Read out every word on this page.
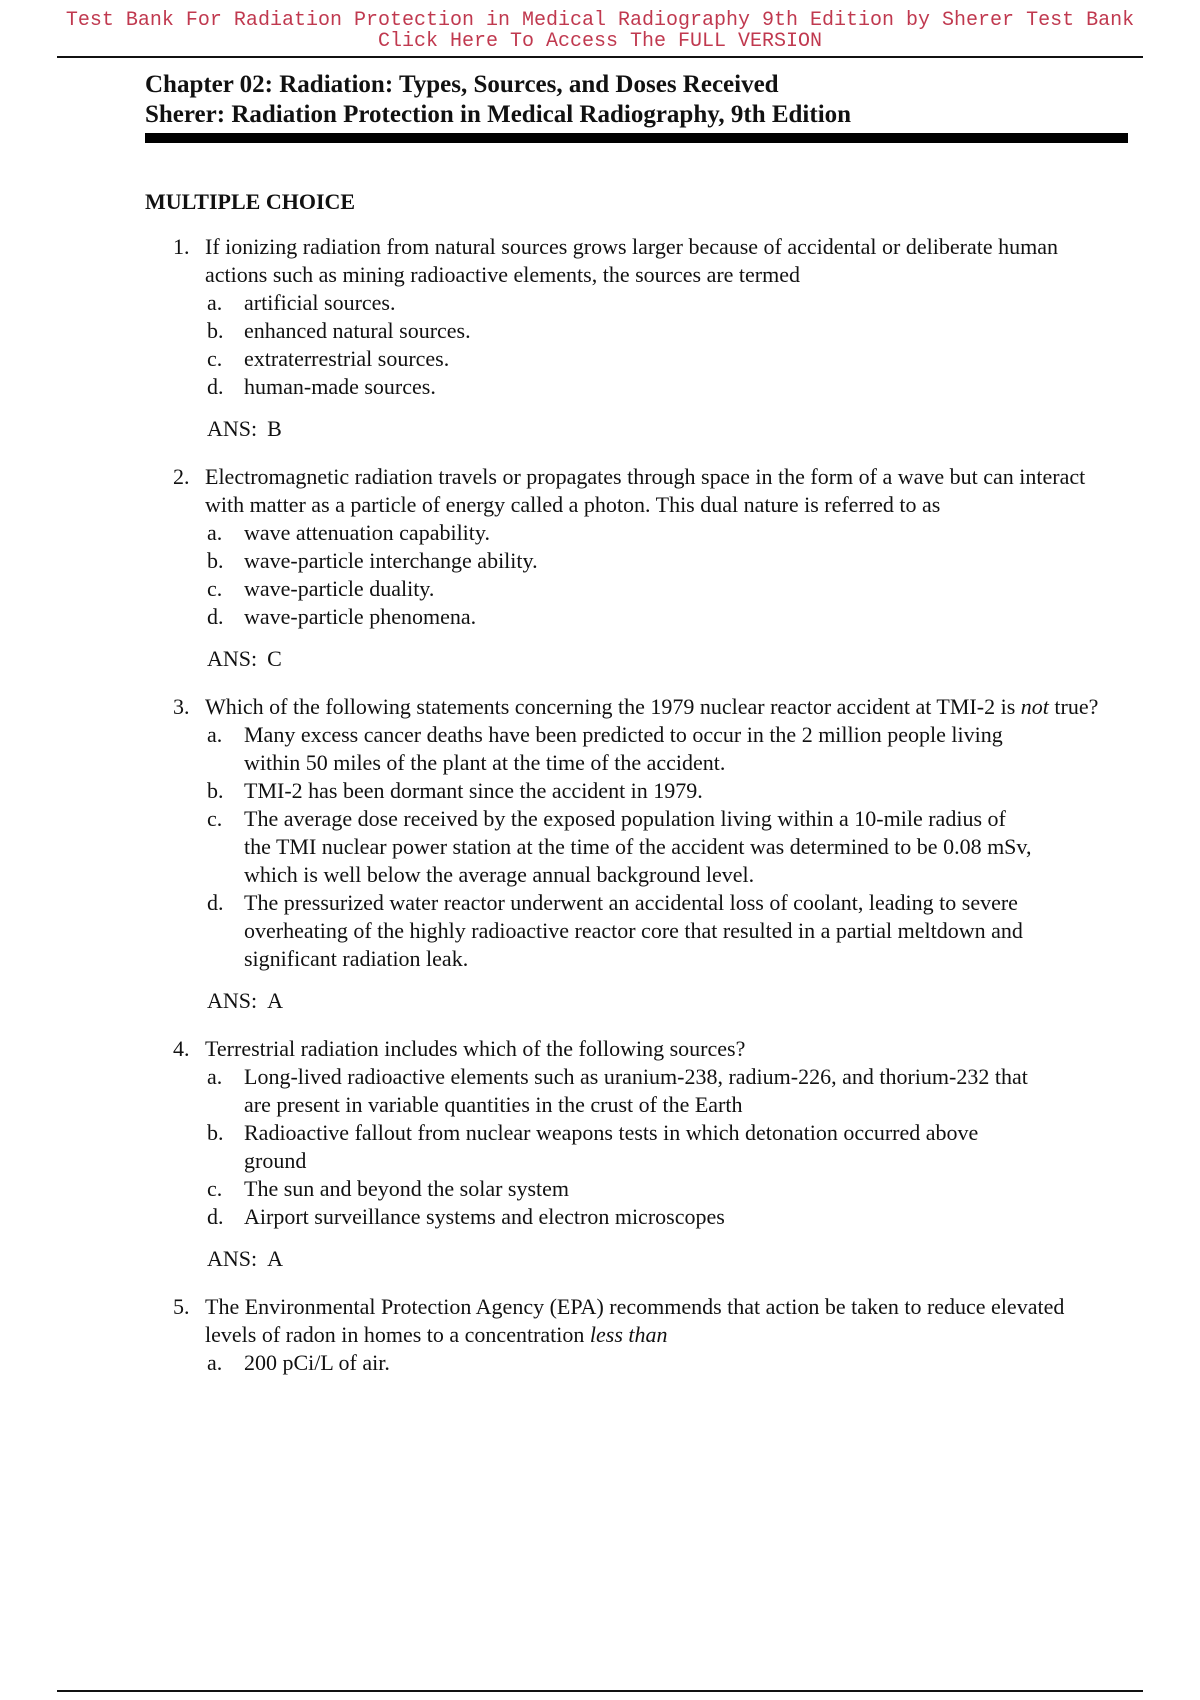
Test Bank For Radiation Protection in Medical Radiography 9th Edition by Sherer Test Bank
Click Here To Access The FULL VERSION
Chapter 02: Radiation: Types, Sources, and Doses Received
Sherer: Radiation Protection in Medical Radiography, 9th Edition
MULTIPLE CHOICE
1. If ionizing radiation from natural sources grows larger because of accidental or deliberate human actions such as mining radioactive elements, the sources are termed
a. artificial sources.
b. enhanced natural sources.
c. extraterrestrial sources.
d. human-made sources.
ANS: B
2. Electromagnetic radiation travels or propagates through space in the form of a wave but can interact with matter as a particle of energy called a photon. This dual nature is referred to as
a. wave attenuation capability.
b. wave-particle interchange ability.
c. wave-particle duality.
d. wave-particle phenomena.
ANS: C
3. Which of the following statements concerning the 1979 nuclear reactor accident at TMI-2 is not true?
a. Many excess cancer deaths have been predicted to occur in the 2 million people living within 50 miles of the plant at the time of the accident.
b. TMI-2 has been dormant since the accident in 1979.
c. The average dose received by the exposed population living within a 10-mile radius of the TMI nuclear power station at the time of the accident was determined to be 0.08 mSv, which is well below the average annual background level.
d. The pressurized water reactor underwent an accidental loss of coolant, leading to severe overheating of the highly radioactive reactor core that resulted in a partial meltdown and significant radiation leak.
ANS: A
4. Terrestrial radiation includes which of the following sources?
a. Long-lived radioactive elements such as uranium-238, radium-226, and thorium-232 that are present in variable quantities in the crust of the Earth
b. Radioactive fallout from nuclear weapons tests in which detonation occurred above ground
c. The sun and beyond the solar system
d. Airport surveillance systems and electron microscopes
ANS: A
5. The Environmental Protection Agency (EPA) recommends that action be taken to reduce elevated levels of radon in homes to a concentration less than
a. 200 pCi/L of air.
